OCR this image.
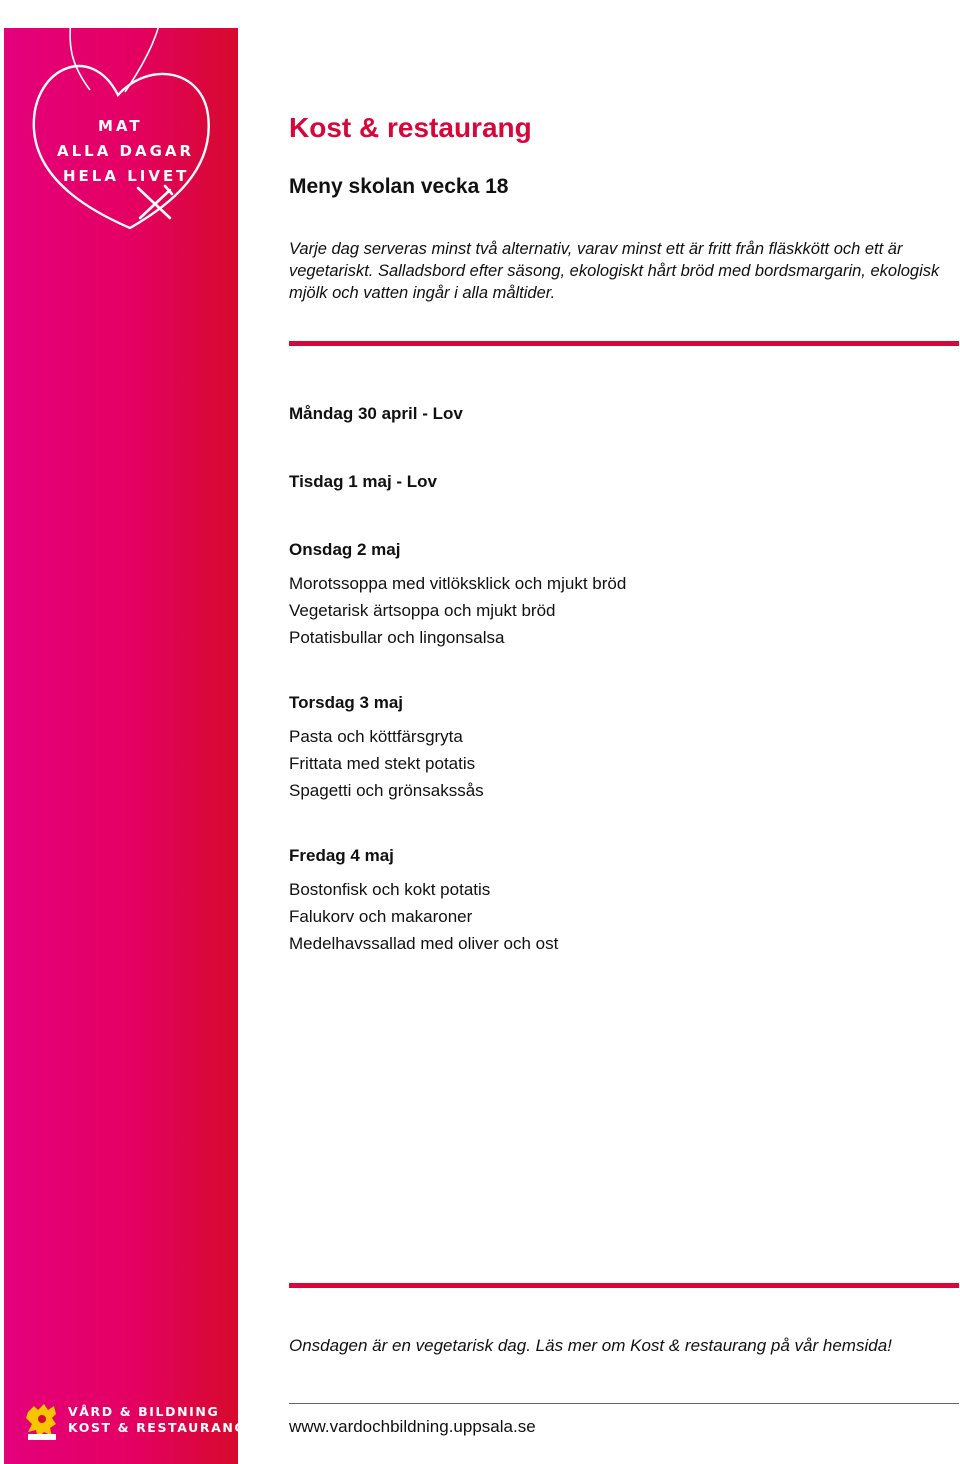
MAT
ALLA DAGAR
HELA LIVET
VÅRD & BILDNING
KOST & RESTAURANG
Kost & restaurang
Meny skolan vecka 18

Varje dag serveras minst två alternativ, varav minst ett är fritt från fläskkött och ett är vegetariskt. Salladsbord efter säsong, ekologiskt hårt bröd med bordsmargarin, ekologisk mjölk och vatten ingår i alla måltider.

Måndag 30 april - Lov
Tisdag 1 maj - Lov
Onsdag 2 maj
Morotssoppa med vitlöksklick och mjukt bröd
Vegetarisk ärtsoppa och mjukt bröd
Potatisbullar och lingonsalsa
Torsdag 3 maj
Pasta och köttfärsgryta
Frittata med stekt potatis
Spagetti och grönsakssås
Fredag 4 maj
Bostonfisk och kokt potatis
Falukorv och makaroner
Medelhavssallad med oliver och ost

Onsdagen är en vegetarisk dag. Läs mer om Kost & restaurang på vår hemsida!

www.vardochbildning.uppsala.se
